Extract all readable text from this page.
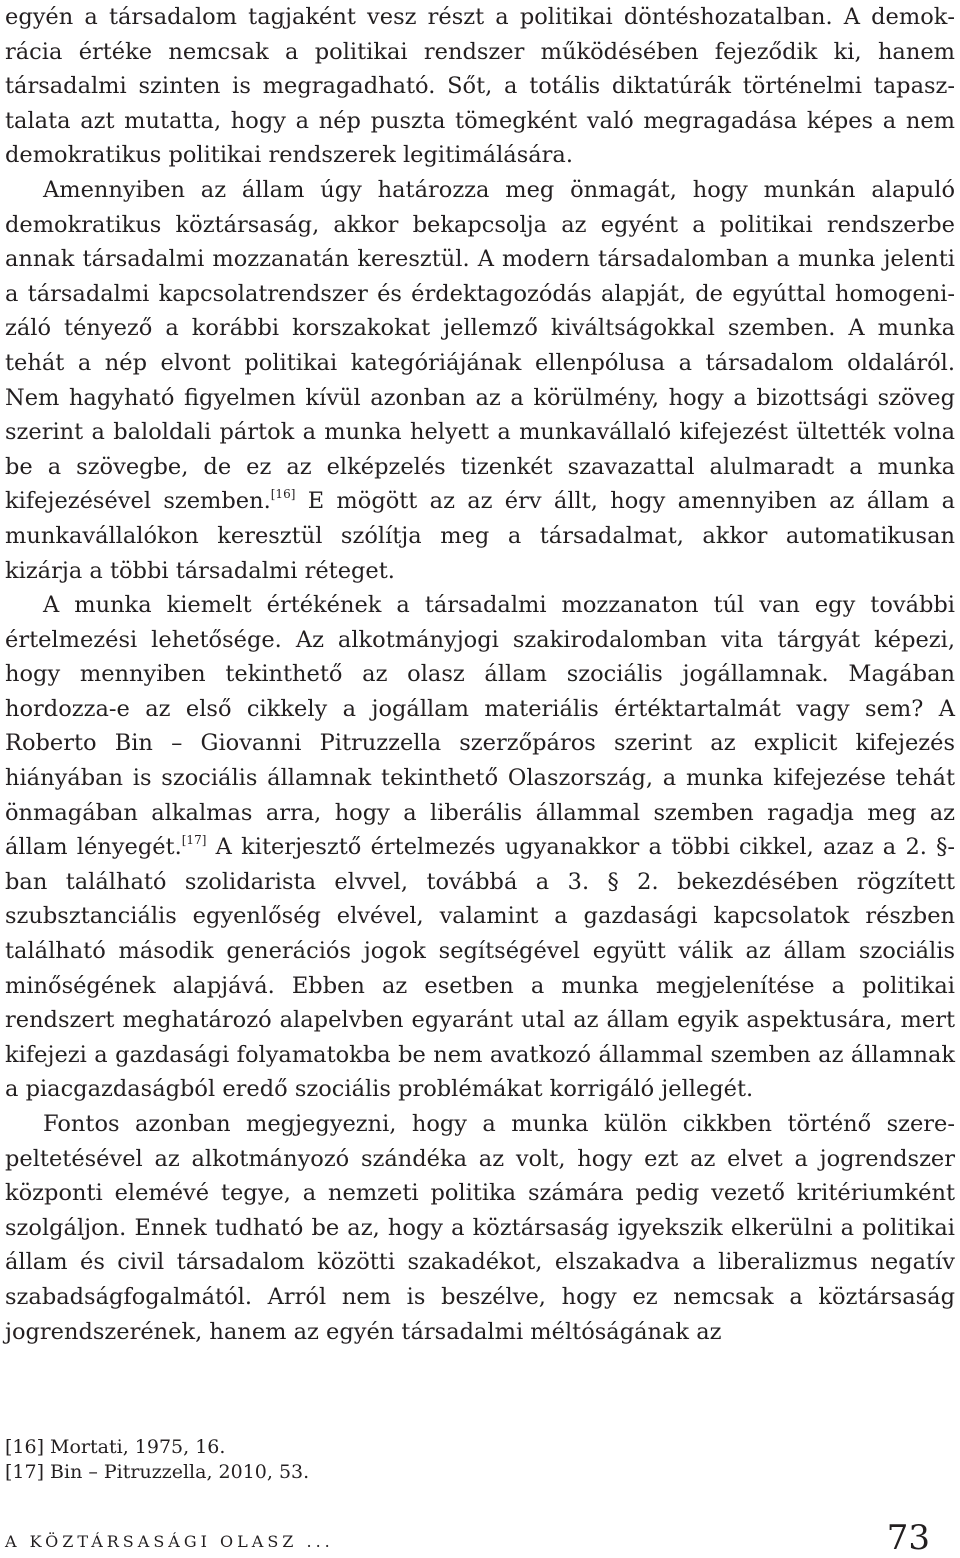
egyén a társadalom tagjaként vesz részt a politikai döntéshozatalban. A demokrácia értéke nemcsak a politikai rendszer működésében fejeződik ki, hanem társadalmi szinten is megragadható. Sőt, a totális diktatúrák történelmi tapasztalata azt mutatta, hogy a nép puszta tömegként való megragadása képes a nem demokratikus politikai rendszerek legitimálására.

Amennyiben az állam úgy határozza meg önmagát, hogy munkán alapuló demokratikus köztársaság, akkor bekapcsolja az egyént a politikai rendszerbe annak társadalmi mozzanatán keresztül. A modern társadalomban a munka jelenti a társadalmi kapcsolatrendszer és érdektagozódás alapját, de egyúttal homogenizáló tényező a korábbi korszakokat jellemző kiváltságokkal szemben. A munka tehát a nép elvont politikai kategóriájának ellenpólusa a társadalom oldaláról. Nem hagyható figyelmen kívül azonban az a körülmény, hogy a bizottsági szöveg szerint a baloldali pártok a munka helyett a munkavállaló kifejezést ültették volna be a szövegbe, de ez az elképzelés tizenkét szavazattal alulmaradt a munka kifejezésével szemben.[16] E mögött az az érv állt, hogy amennyiben az állam a munkavállalókon keresztül szólítja meg a társadalmat, akkor automatikusan kizárja a többi társadalmi réteget.

A munka kiemelt értékének a társadalmi mozzanaton túl van egy további értelmezési lehetősége. Az alkotmányjogi szakirodalomban vita tárgyát képezi, hogy mennyiben tekinthető az olasz állam szociális jogállamnak. Magában hordozza-e az első cikkely a jogállam materiális értéktartalmát vagy sem? A Roberto Bin – Giovanni Pitruzzella szerzőpáros szerint az explicit kifejezés hiányában is szociális államnak tekinthető Olaszország, a munka kifejezése tehát önmagában alkalmas arra, hogy a liberális állammal szemben ragadja meg az állam lényegét.[17] A kiterjesztő értelmezés ugyanakkor a többi cikkel, azaz a 2. §-ban található szolidarista elvvel, továbbá a 3. § 2. bekezdésében rögzített szubsztanciális egyenlőség elvével, valamint a gazdasági kapcsolatok részben található második generációs jogok segítségével együtt válik az állam szociális minőségének alapjává. Ebben az esetben a munka megjelenítése a politikai rendszert meghatározó alapelvben egyaránt utal az állam egyik aspektusára, mert kifejezi a gazdasági folyamatokba be nem avatkozó állammal szemben az államnak a piacgazdaságból eredő szociális problémákat korrigáló jellegét.

Fontos azonban megjegyezni, hogy a munka külön cikkben történő szerepeltetésével az alkotmányozó szándéka az volt, hogy ezt az elvet a jogrendszer központi elemévé tegye, a nemzeti politika számára pedig vezető kritériumként szolgáljon. Ennek tudható be az, hogy a köztársaság igyekszik elkerülni a politikai állam és civil társadalom közötti szakadékot, elszakadva a liberalizmus negatív szabadságfogalmától. Arról nem is beszélve, hogy ez nemcsak a köztársaság jogrendszerének, hanem az egyén társadalmi méltóságának az

[16] Mortati, 1975, 16.
[17] Bin – Pitruzzella, 2010, 53.
A KÖZTÁRSASÁGI OLASZ ...	73
